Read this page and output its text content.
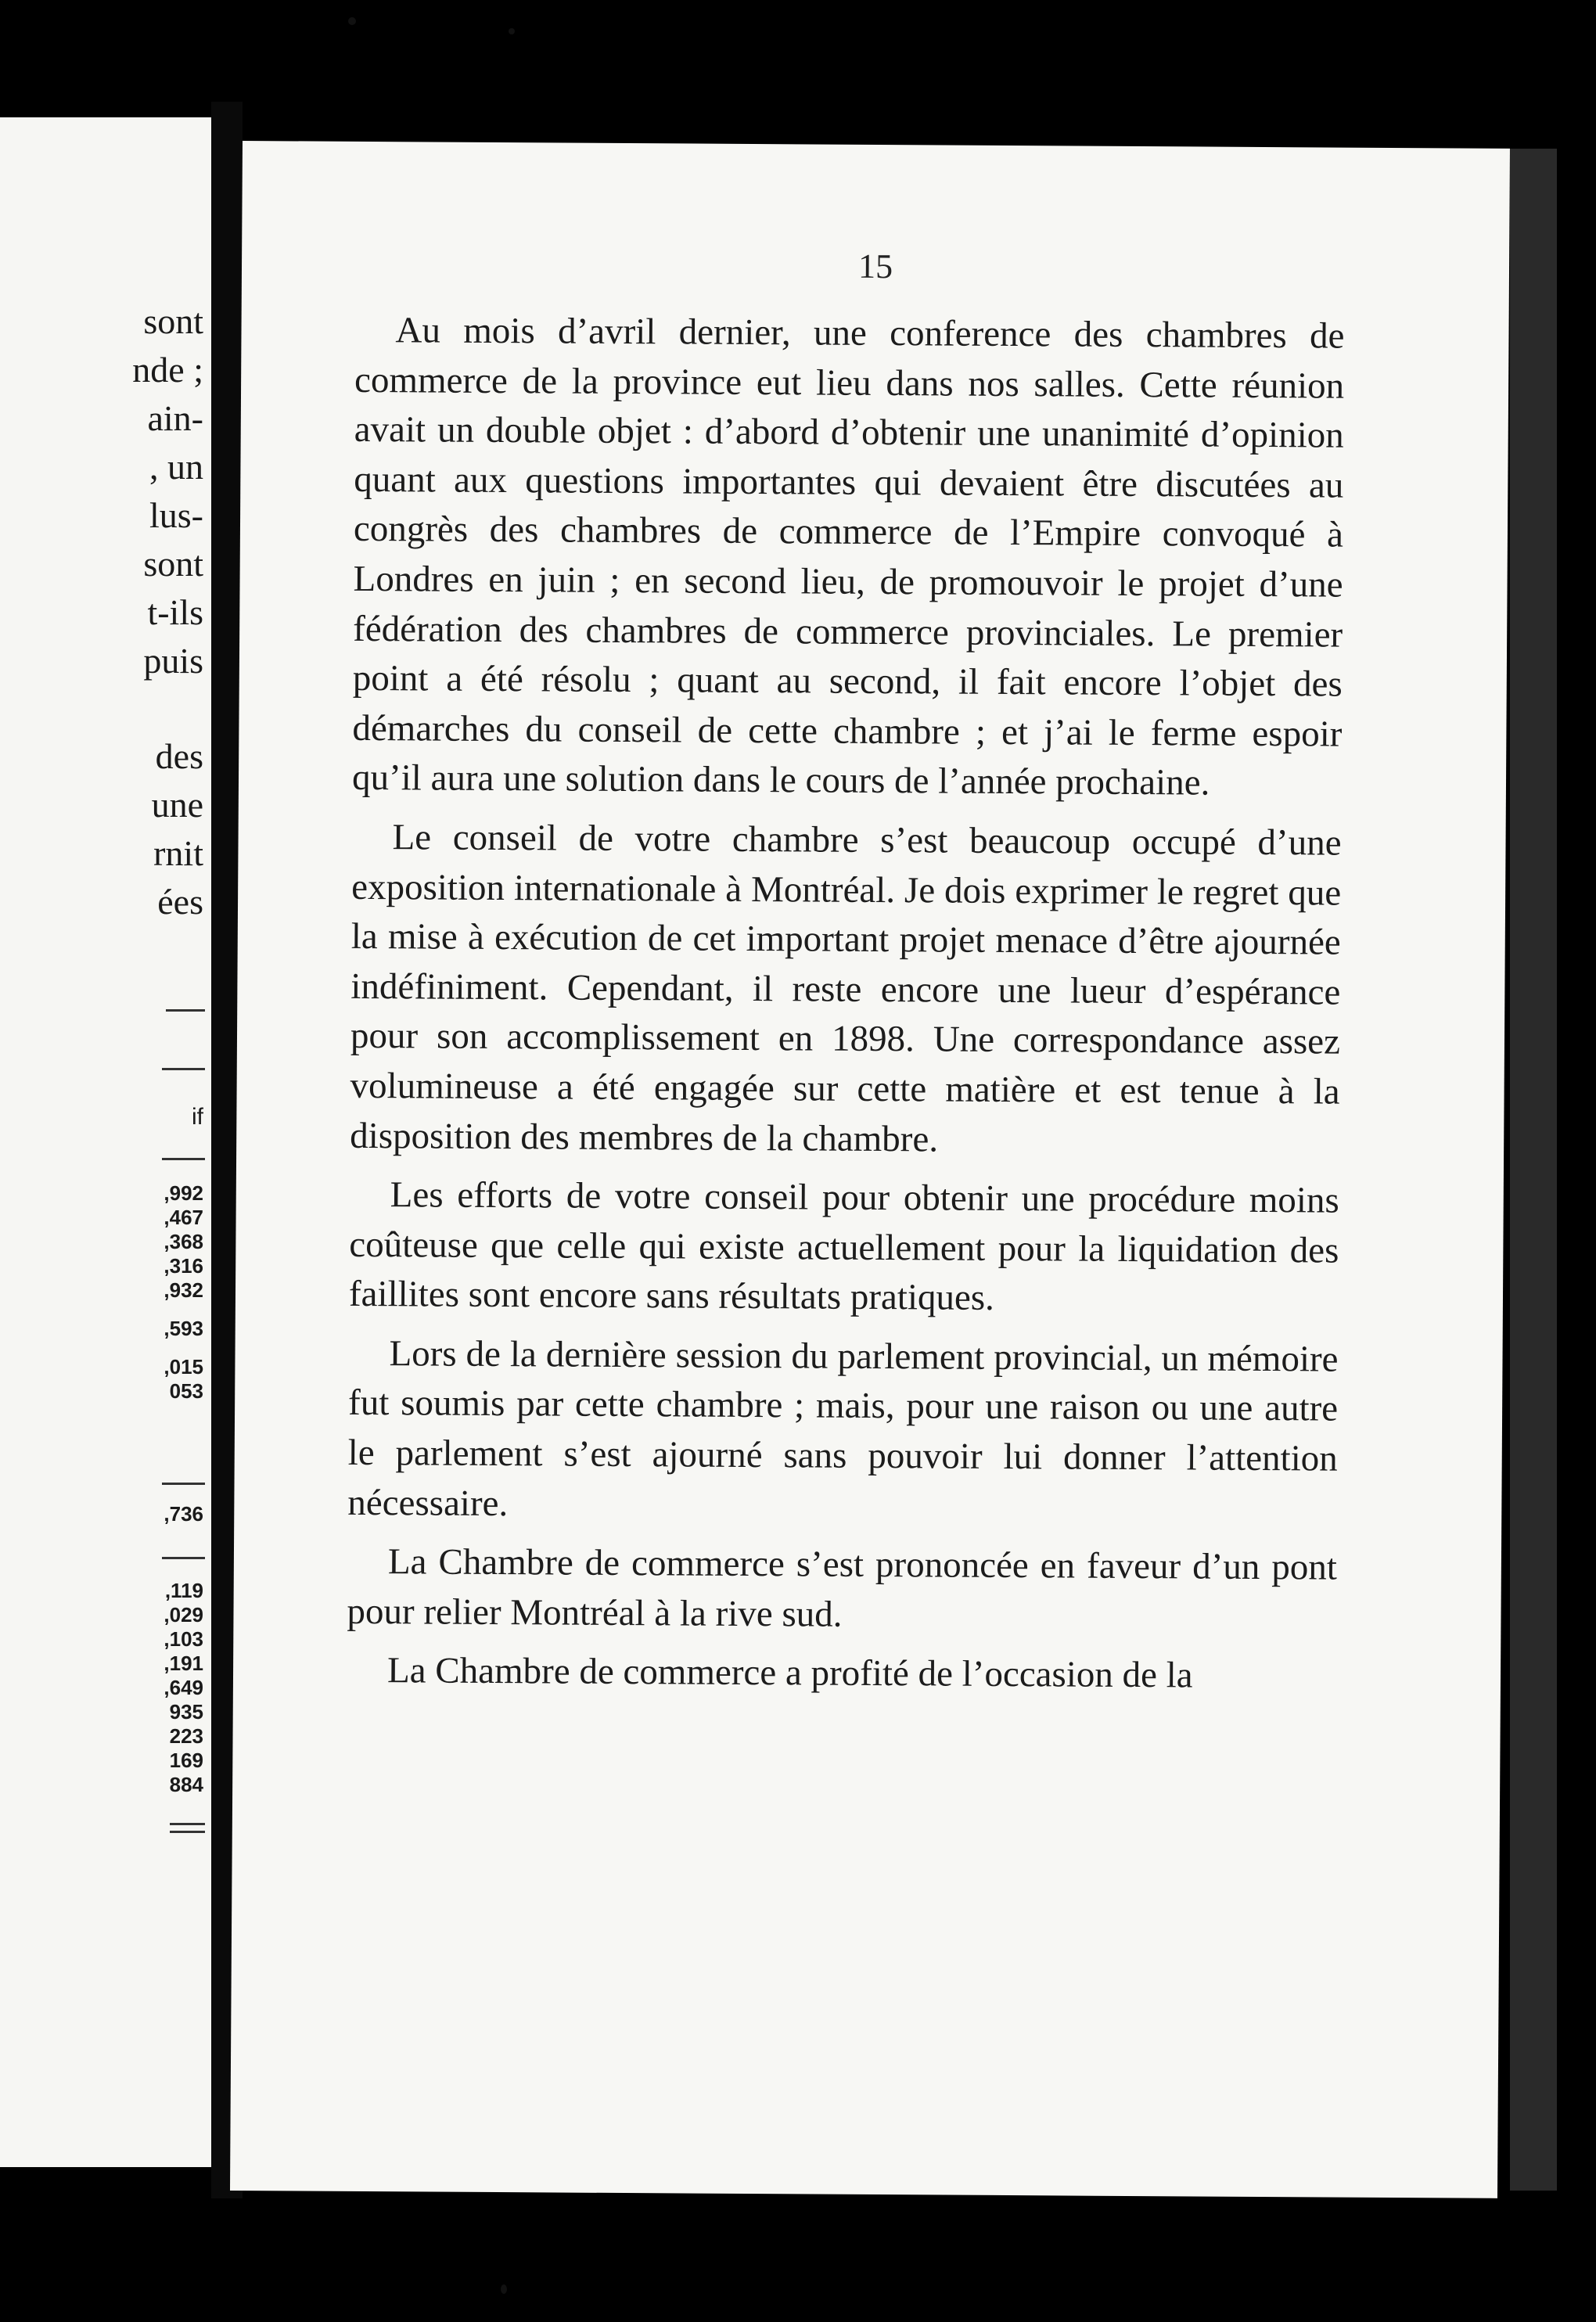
sont
nde ;
ain-
, un
lus-
sont
t-ils
puis
des
une
rnit
ées
if
,992
,467
,368
,316
,932
,593
,015
053
,736
,119
,029
,103
,191
,649
935
223
169
884
15

Au mois d’avril dernier, une conference des chambres de commerce de la province eut lieu dans nos salles. Cette réunion avait un double objet : d’abord d’obtenir une unanimité d’opinion quant aux questions importantes qui devaient être discutées au congrès des chambres de commerce de l’Empire convoqué à Londres en juin ; en second lieu, de promouvoir le projet d’une fédération des chambres de commerce provinciales. Le premier point a été résolu ; quant au second, il fait encore l’objet des démarches du conseil de cette chambre ; et j’ai le ferme espoir qu’il aura une solution dans le cours de l’année prochaine.

Le conseil de votre chambre s’est beaucoup occupé d’une exposition internationale à Montréal. Je dois exprimer le regret que la mise à exécution de cet important projet menace d’être ajournée indéfiniment. Cependant, il reste encore une lueur d’espérance pour son accomplissement en 1898. Une correspondance assez volumineuse a été engagée sur cette matière et est tenue à la disposition des membres de la chambre.

Les efforts de votre conseil pour obtenir une procédure moins coûteuse que celle qui existe actuellement pour la liquidation des faillites sont encore sans résultats pratiques.

Lors de la dernière session du parlement provincial, un mémoire fut soumis par cette chambre ; mais, pour une raison ou une autre le parlement s’est ajourné sans pouvoir lui donner l’attention nécessaire.

La Chambre de commerce s’est prononcée en faveur d’un pont pour relier Montréal à la rive sud.

La Chambre de commerce a profité de l’occasion de la
